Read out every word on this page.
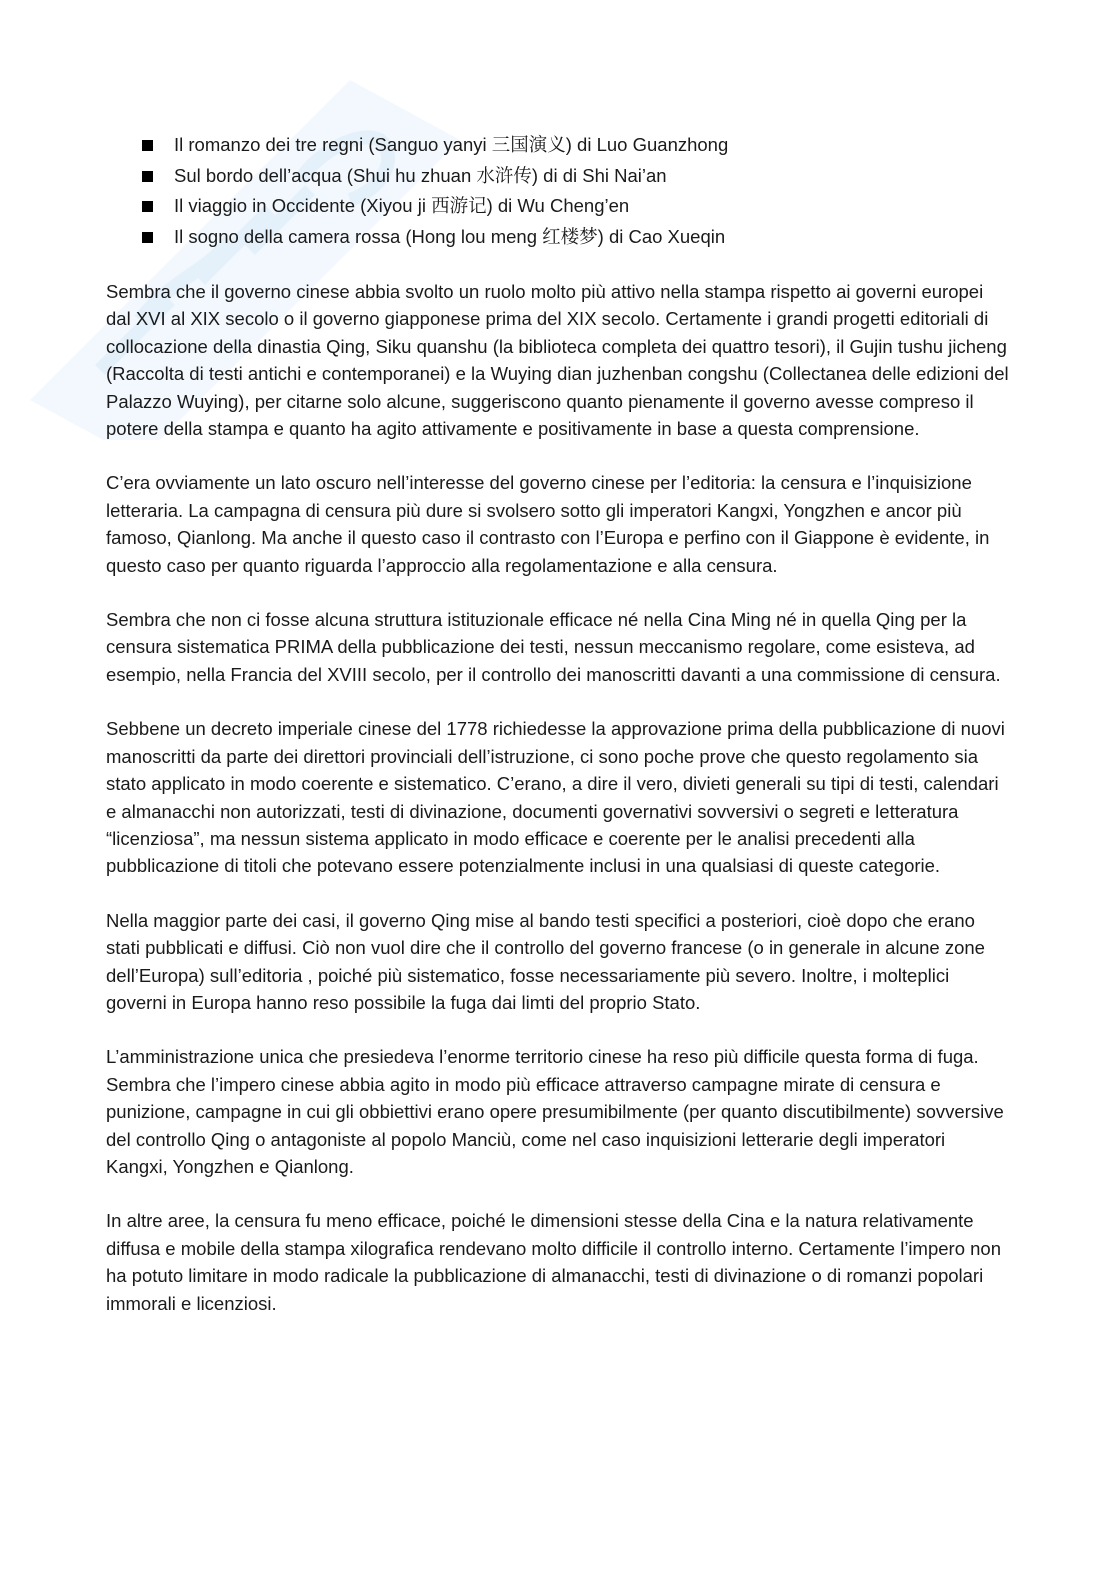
Il romanzo dei tre regni (Sanguo yanyi 三国演义) di Luo Guanzhong
Sul bordo dell’acqua (Shui hu zhuan 水浒传) di di Shi Nai’an
Il viaggio in Occidente (Xiyou ji 西游记) di Wu Cheng’en
Il sogno della camera rossa (Hong lou meng 红楼梦) di Cao Xueqin

Sembra che il governo cinese abbia svolto un ruolo molto più attivo nella stampa rispetto ai governi europei dal XVI al XIX secolo o il governo giapponese prima del XIX secolo. Certamente i grandi progetti editoriali di collocazione della dinastia Qing, Siku quanshu (la biblioteca completa dei quattro tesori), il Gujin tushu jicheng (Raccolta di testi antichi e contemporanei) e la Wuying dian juzhenban congshu (Collectanea delle edizioni del Palazzo Wuying), per citarne solo alcune, suggeriscono quanto pienamente il governo avesse compreso il potere della stampa e quanto ha agito attivamente e positivamente in base a questa comprensione.

C’era ovviamente un lato oscuro nell’interesse del governo cinese per l’editoria: la censura e l’inquisizione letteraria. La campagna di censura più dure si svolsero sotto gli imperatori Kangxi, Yongzhen e ancor più famoso, Qianlong. Ma anche il questo caso il contrasto con l’Europa e perfino con il Giappone è evidente, in questo caso per quanto riguarda l’approccio alla regolamentazione e alla censura.

Sembra che non ci fosse alcuna struttura istituzionale efficace né nella Cina Ming né in quella Qing per la censura sistematica PRIMA della pubblicazione dei testi, nessun meccanismo regolare, come esisteva, ad esempio, nella Francia del XVIII secolo, per il controllo dei manoscritti davanti a una commissione di censura.

Sebbene un decreto imperiale cinese del 1778 richiedesse la approvazione prima della pubblicazione di nuovi manoscritti da parte dei direttori provinciali dell’istruzione, ci sono poche prove che questo regolamento sia stato applicato in modo coerente e sistematico. C’erano, a dire il vero, divieti generali su tipi di testi, calendari e almanacchi non autorizzati, testi di divinazione, documenti governativi sovversivi o segreti e letteratura “licenziosa”, ma nessun sistema applicato in modo efficace e coerente per le analisi precedenti alla pubblicazione di titoli che potevano essere potenzialmente inclusi in una qualsiasi di queste categorie.

Nella maggior parte dei casi, il governo Qing mise al bando testi specifici a posteriori, cioè dopo che erano stati pubblicati e diffusi. Ciò non vuol dire che il controllo del governo francese (o in generale in alcune zone dell’Europa) sull’editoria , poiché più sistematico, fosse necessariamente più severo. Inoltre, i molteplici governi in Europa hanno reso possibile la fuga dai limti del proprio Stato.

L’amministrazione unica che presiedeva l’enorme territorio cinese ha reso più difficile questa forma di fuga. Sembra che l’impero cinese abbia agito in modo più efficace attraverso campagne mirate di censura e punizione, campagne in cui gli obbiettivi erano opere presumibilmente (per quanto discutibilmente) sovversive del controllo Qing o antagoniste al popolo Manciù, come nel caso inquisizioni letterarie degli imperatori Kangxi, Yongzhen e Qianlong.

In altre aree, la censura fu meno efficace, poiché le dimensioni stesse della Cina e la natura relativamente diffusa e mobile della stampa xilografica rendevano molto difficile il controllo interno. Certamente l’impero non ha potuto limitare in modo radicale la pubblicazione di almanacchi, testi di divinazione o di romanzi popolari immorali e licenziosi.
